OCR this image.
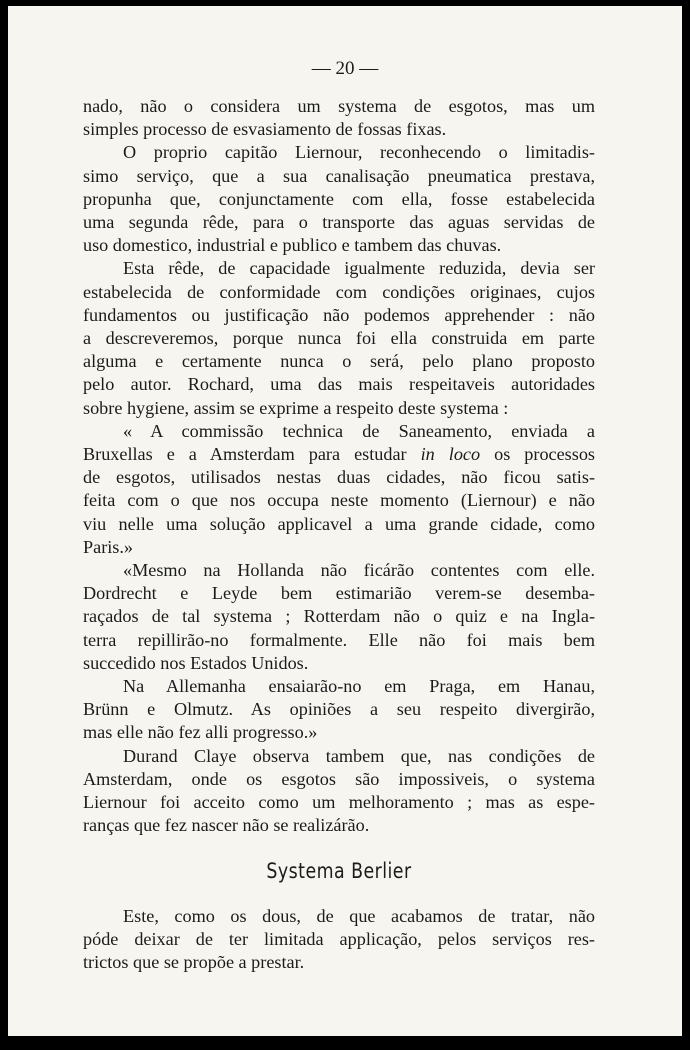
— 20 —

nado, não o considera um systema de esgotos, mas um

simples processo de esvasiamento de fossas fixas.

O proprio capitão Liernour, reconhecendo o limitadis-

simo serviço, que a sua canalisação pneumatica prestava,

propunha que, conjunctamente com ella, fosse estabelecida

uma segunda rêde, para o transporte das aguas servidas de

uso domestico, industrial e publico e tambem das chuvas.

Esta rêde, de capacidade igualmente reduzida, devia ser

estabelecida de conformidade com condições originaes, cujos

fundamentos ou justificação não podemos apprehender : não

a descreveremos, porque nunca foi ella construida em parte

alguma e certamente nunca o será, pelo plano proposto

pelo autor. Rochard, uma das mais respeitaveis autoridades

sobre hygiene, assim se exprime a respeito deste systema :

« A commissão technica de Saneamento, enviada a

Bruxellas e a Amsterdam para estudar in loco os processos

de esgotos, utilisados nestas duas cidades, não ficou satis-

feita com o que nos occupa neste momento (Liernour) e não

viu nelle uma solução applicavel a uma grande cidade, como

Paris.»

«Mesmo na Hollanda não ficárão contentes com elle.

Dordrecht e Leyde bem estimarião verem-se desemba-

raçados de tal systema ; Rotterdam não o quiz e na Ingla-

terra repillirão-no formalmente. Elle não foi mais bem

succedido nos Estados Unidos.

Na Allemanha ensaiarão-no em Praga, em Hanau,

Brünn e Olmutz. As opiniões a seu respeito divergirão,

mas elle não fez alli progresso.»

Durand Claye observa tambem que, nas condições de

Amsterdam, onde os esgotos são impossiveis, o systema

Liernour foi acceito como um melhoramento ; mas as espe-

ranças que fez nascer não se realizárão.

Systema Berlier

Este, como os dous, de que acabamos de tratar, não

póde deixar de ter limitada applicação, pelos serviços res-

trictos que se propõe a prestar.
